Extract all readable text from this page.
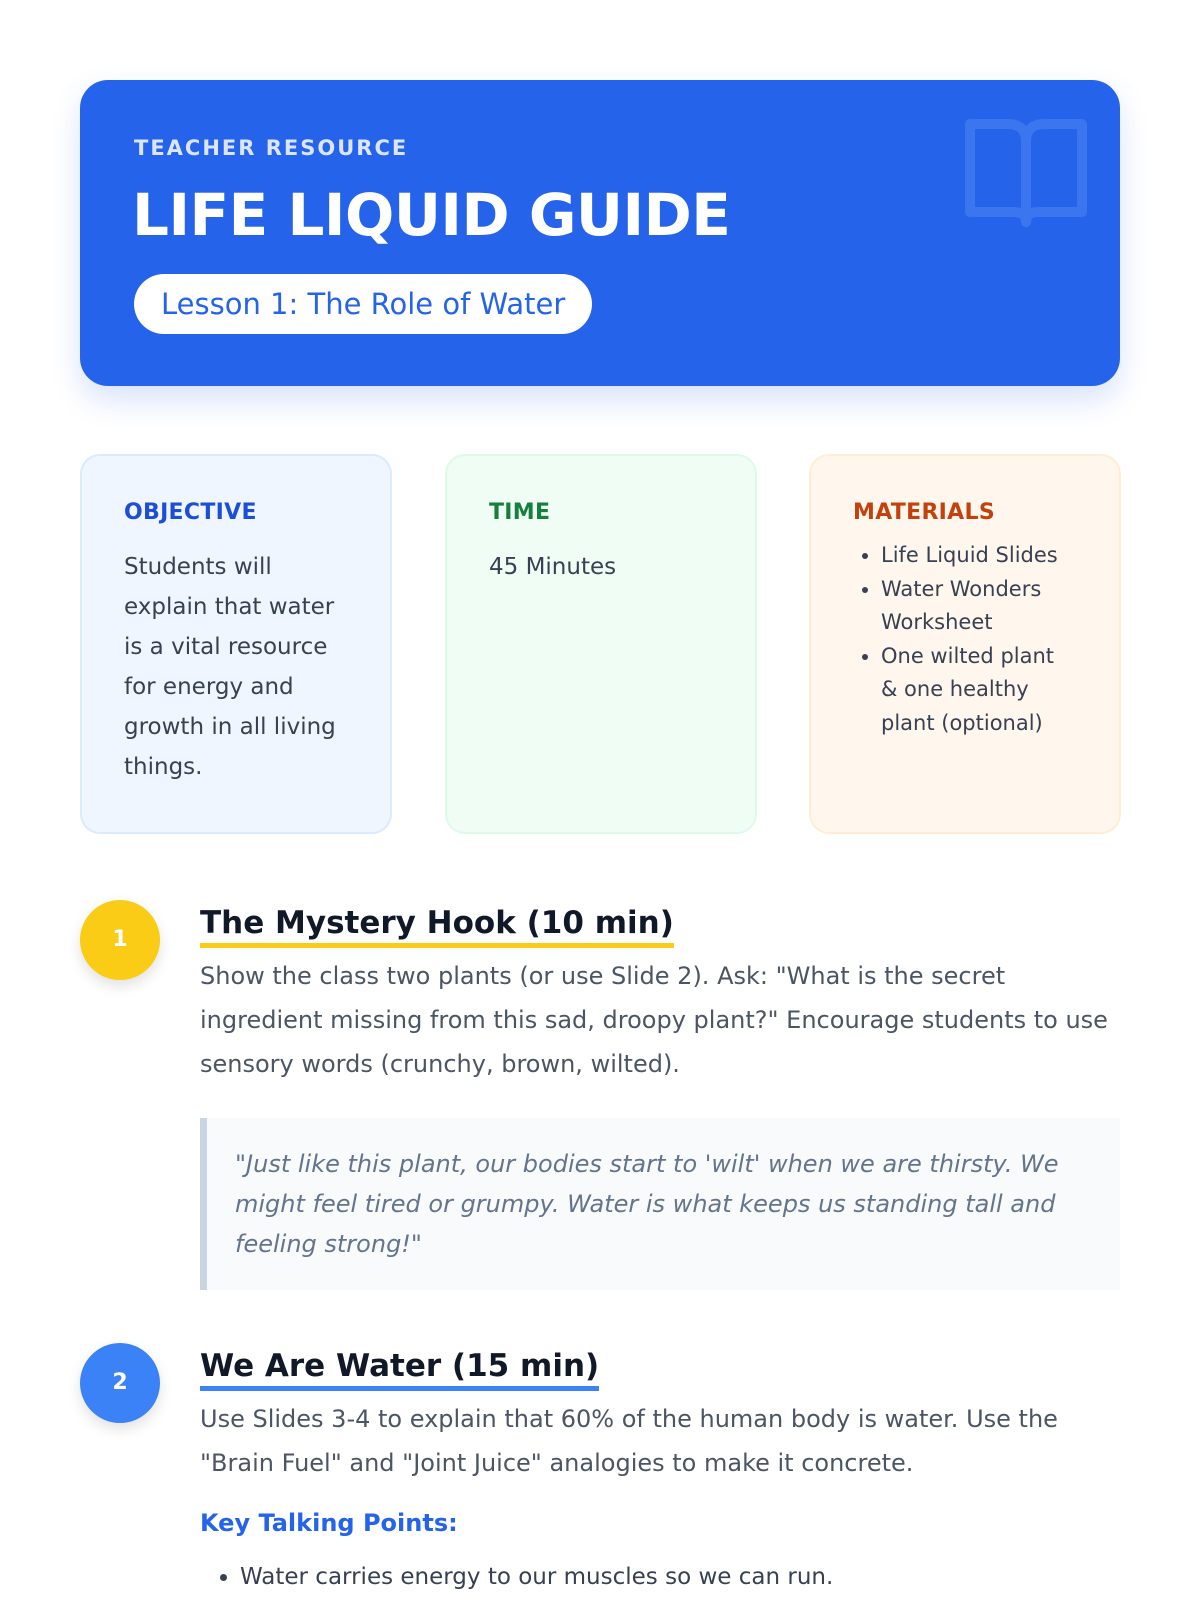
TEACHER RESOURCE
LIFE LIQUID GUIDE
Lesson 1: The Role of Water
OBJECTIVE
Students will explain that water is a vital resource for energy and growth in all living things.
TIME
45 Minutes
MATERIALS
• Life Liquid Slides
• Water Wonders Worksheet
• One wilted plant & one healthy plant (optional)
1	The Mystery Hook (10 min)

Show the class two plants (or use Slide 2). Ask: "What is the secret ingredient missing from this sad, droopy plant?" Encourage students to use sensory words (crunchy, brown, wilted).

"Just like this plant, our bodies start to 'wilt' when we are thirsty. We might feel tired or grumpy. Water is what keeps us standing tall and feeling strong!"
2	We Are Water (15 min)

Use Slides 3-4 to explain that 60% of the human body is water. Use the "Brain Fuel" and "Joint Juice" analogies to make it concrete.

Key Talking Points:
• Water carries energy to our muscles so we can run.
